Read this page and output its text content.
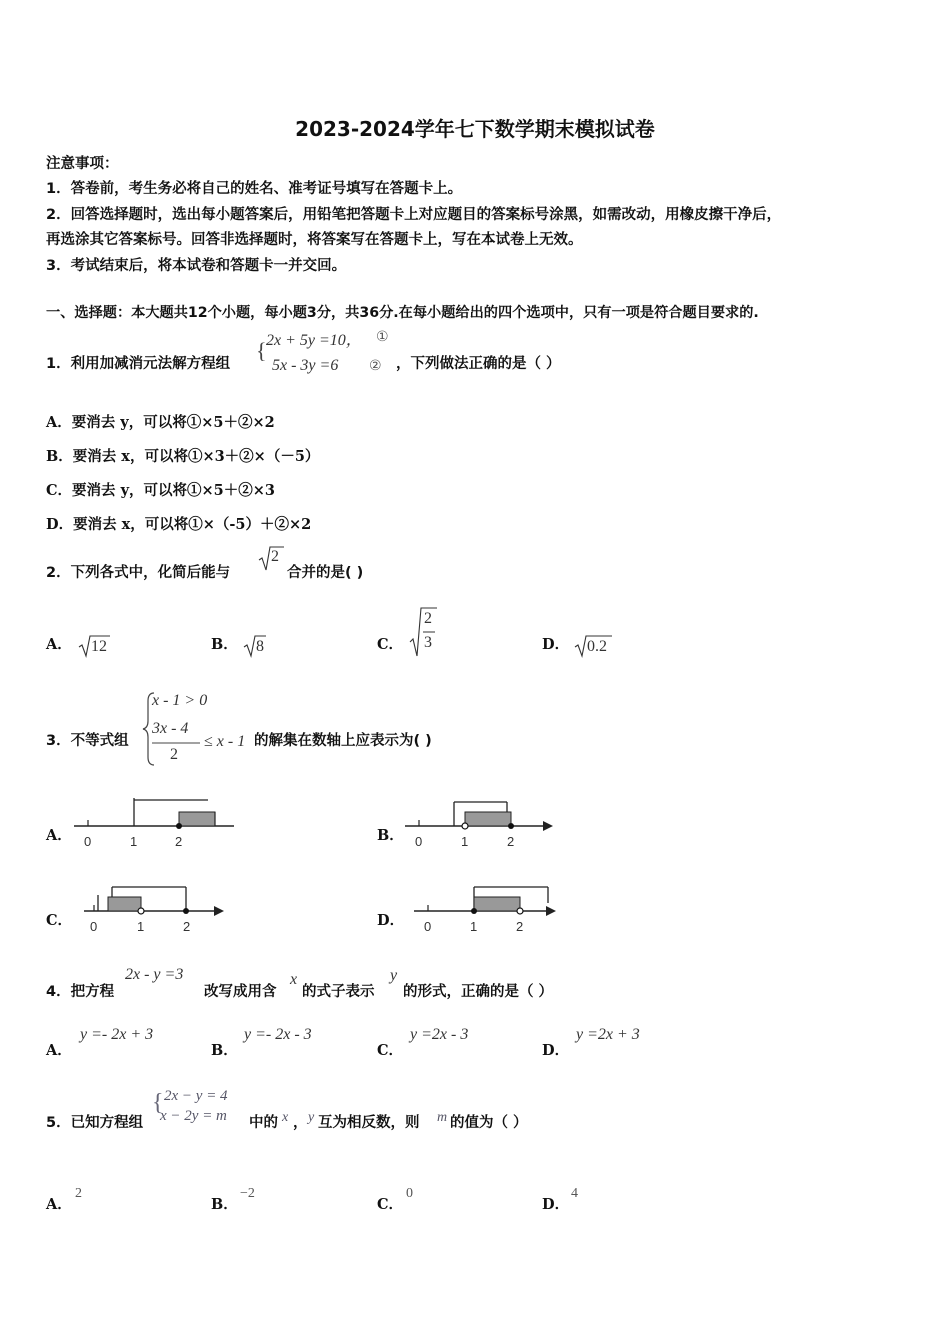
2023-2024学年七下数学期末模拟试卷
注意事项：
1．答卷前，考生务必将自己的姓名、准考证号填写在答题卡上。
2．回答选择题时，选出每小题答案后，用铅笔把答题卡上对应题目的答案标号涂黑，如需改动，用橡皮擦干净后，
再选涂其它答案标号。回答非选择题时，将答案写在答题卡上，写在本试卷上无效。
3．考试结束后，将本试卷和答题卡一并交回。
一、选择题：本大题共12个小题，每小题3分，共36分.在每小题给出的四个选项中，只有一项是符合题目要求的.
1．利用加减消元法解方程组
{ 2x + 5y =10， ①
5x - 3y =6 ② ，下列做法正确的是（ ）
A．要消去 y，可以将①×5＋②×2
B．要消去 x，可以将①×3＋②×（－5）
C．要消去 y，可以将①×5＋②×3
D．要消去 x，可以将①×（-5）＋②×2
2．下列各式中，化简后能与
2
合并的是( )
A． 12	B． 8	C．
2
3	D． 0.2
3．不等式组
x - 1 > 0
3x - 4
2
≤ x - 1 的解集在数轴上应表示为( )
A． 0	1	2	B． 0	1	2
C． 0	1	2	D． 0	1	2
4．把方程
2x - y =3
改写成用含
x
的式子表示
y
的形式，正确的是（ ）
A．
y =- 2x + 3
B．
y =- 2x - 3
C．
y =2x - 3
D．
y =2x + 3
5．已知方程组
{ 2x − y = 4
x − 2y = m 中的 x ， y 互为相反数，则 m 的值为（ ）
A．
2
B．
−2
C．
0
D．
4
